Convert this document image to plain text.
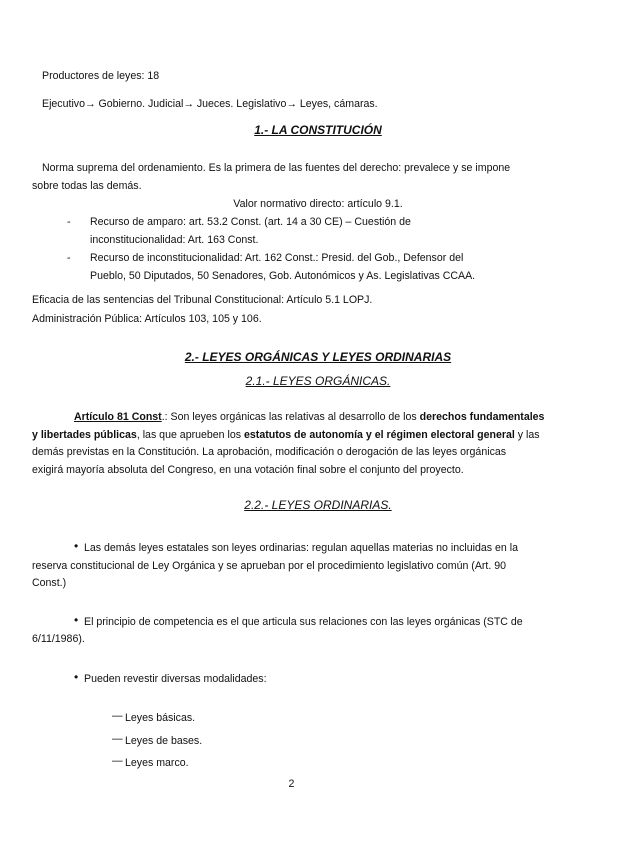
Productores de leyes: 18
Ejecutivo→ Gobierno. Judicial→ Jueces. Legislativo→ Leyes, cámaras.
1.- LA CONSTITUCIÓN
Norma suprema del ordenamiento. Es la primera de las fuentes del derecho: prevalece y se impone
sobre todas las demás.
Valor normativo directo: artículo 9.1.
- Recurso de amparo: art. 53.2 Const. (art. 14 a 30 CE) – Cuestión de
inconstitucionalidad: Art. 163 Const.
- Recurso de inconstitucionalidad: Art. 162 Const.: Presid. del Gob., Defensor del
Pueblo, 50 Diputados, 50 Senadores, Gob. Autonómicos y As. Legislativas CCAA.
Eficacia de las sentencias del Tribunal Constitucional: Artículo 5.1 LOPJ.
Administración Pública: Artículos 103, 105 y 106.
2.- LEYES ORGÁNICAS Y LEYES ORDINARIAS
2.1.- LEYES ORGÁNICAS.
Artículo 81 Const.: Son leyes orgánicas las relativas al desarrollo de los derechos fundamentales
y libertades públicas, las que aprueben los estatutos de autonomía y el régimen electoral general y las
demás previstas en la Constitución. La aprobación, modificación o derogación de las leyes orgánicas
exigirá mayoría absoluta del Congreso, en una votación final sobre el conjunto del proyecto.
2.2.- LEYES ORDINARIAS.
• Las demás leyes estatales son leyes ordinarias: regulan aquellas materias no incluidas en la
reserva constitucional de Ley Orgánica y se aprueban por el procedimiento legislativo común (Art. 90
Const.)
• El principio de competencia es el que articula sus relaciones con las leyes orgánicas (STC de
6/11/1986).
• Pueden revestir diversas modalidades:
— Leyes básicas.
— Leyes de bases.
— Leyes marco.
2
